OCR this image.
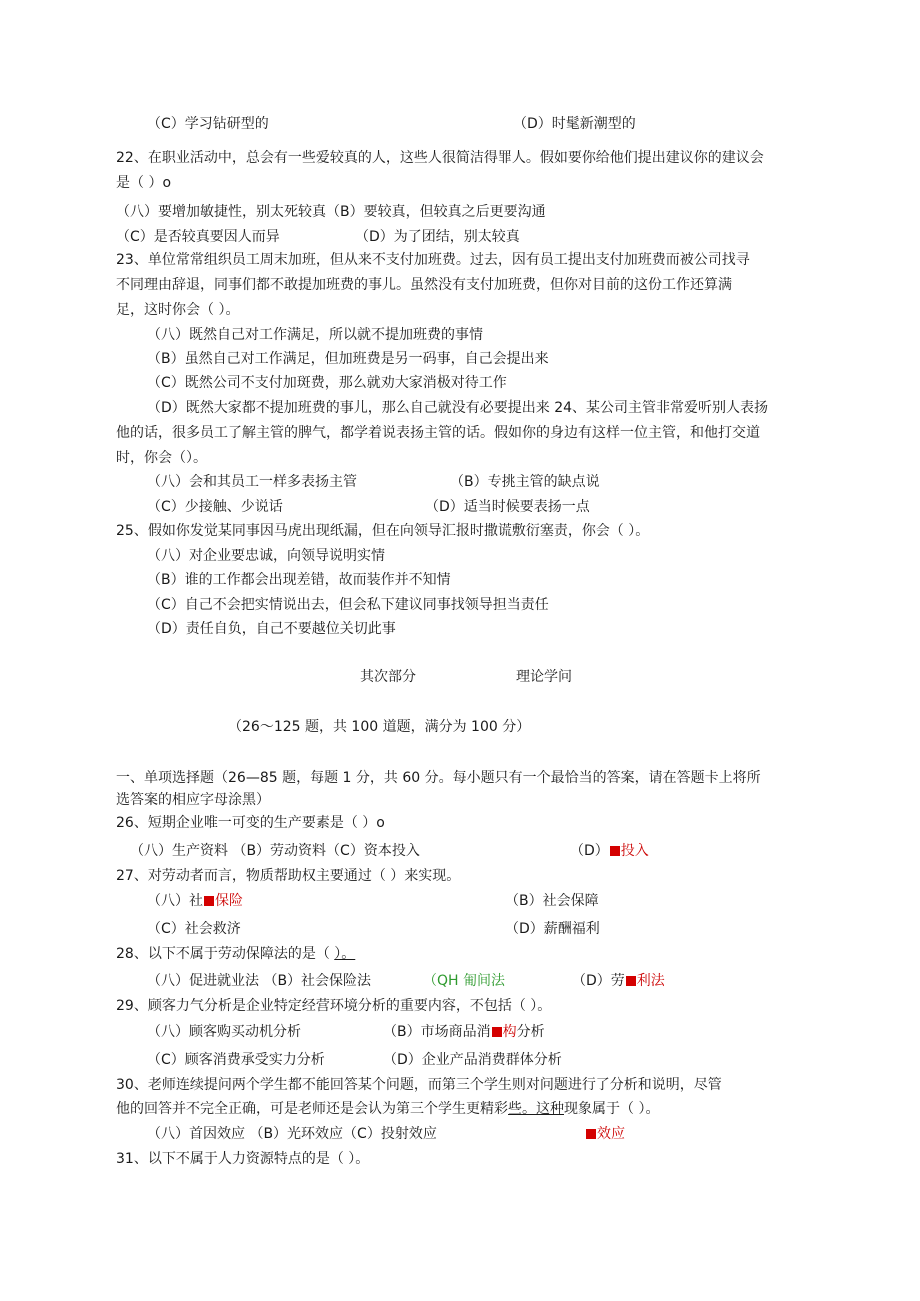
（C）学习钻研型的	（D）时髦新潮型的
22、在职业活动中，总会有一些爱较真的人，这些人很简洁得罪人。假如要你给他们提出建议你的建议会
是（ ）o
（八）要增加敏捷性，别太死较真（B）要较真，但较真之后更要沟通
（C）是否较真要因人而异	（D）为了团结，别太较真
23、单位常常组织员工周末加班，但从来不支付加班费。过去，因有员工提出支付加班费而被公司找寻
不同理由辞退，同事们都不敢提加班费的事儿。虽然没有支付加班费，但你对目前的这份工作还算满
足，这时你会（ ）。
（八）既然自己对工作满足，所以就不提加班费的事情
（B）虽然自己对工作满足，但加班费是另一码事，自己会提出来
（C）既然公司不支付加斑费，那么就劝大家消极对待工作
（D）既然大家都不提加班费的事儿，那么自己就没有必要提出来 24、某公司主管非常爱听别人表扬
他的话，很多员工了解主管的脾气，都学着说表扬主管的话。假如你的身边有这样一位主管，和他打交道
时，你会（）。
（八）会和其员工一样多表扬主管	（B）专挑主管的缺点说
（C）少接触、少说话	（D）适当时候要表扬一点
25、假如你发觉某同事因马虎出现纸漏，但在向领导汇报时撒谎敷衍塞责，你会（ ）。
（八）对企业要忠诚，向领导说明实情
（B）谁的工作都会出现差错，故而装作并不知情
（C）自己不会把实情说出去，但会私下建议同事找领导担当责任
（D）责任自负，自己不要越位关切此事
其次部分	理论学问
（26～125 题，共 100 道题，满分为 100 分）
一、单项选择题（26—85 题，每题 1 分，共 60 分。每小题只有一个最恰当的答案，请在答题卡上将所
选答案的相应字母涂黑）
26、短期企业唯一可变的生产要素是（ ）o
（八）生产资料 （B）劳动资料（C）资本投入	（D） 投入
27、对劳动者而言，物质帮助权主要通过（ ）来实现。
（八）社 保险	（B）社会保障
（C）社会救济	（D）薪酬福利
28、以下不属于劳动保障法的是（ ）。
（八）促进就业法 （B）社会保险法	（QH 匍间法	（D）劳 利法
29、顾客力气分析是企业特定经营环境分析的重要内容，不包括（ ）。
（八）顾客购买动机分析	（B）市场商品消 构分析
（C）顾客消费承受实力分析	（D）企业产品消费群体分析
30、老师连续提问两个学生都不能回答某个问题，而第三个学生则对问题进行了分析和说明，尽管
他的回答并不完全正确，可是老师还是会认为第三个学生更精彩些。这种现象属于（ ）。
（八）首因效应 （B）光环效应（C）投射效应	效应
31、以下不属于人力资源特点的是（ ）。
